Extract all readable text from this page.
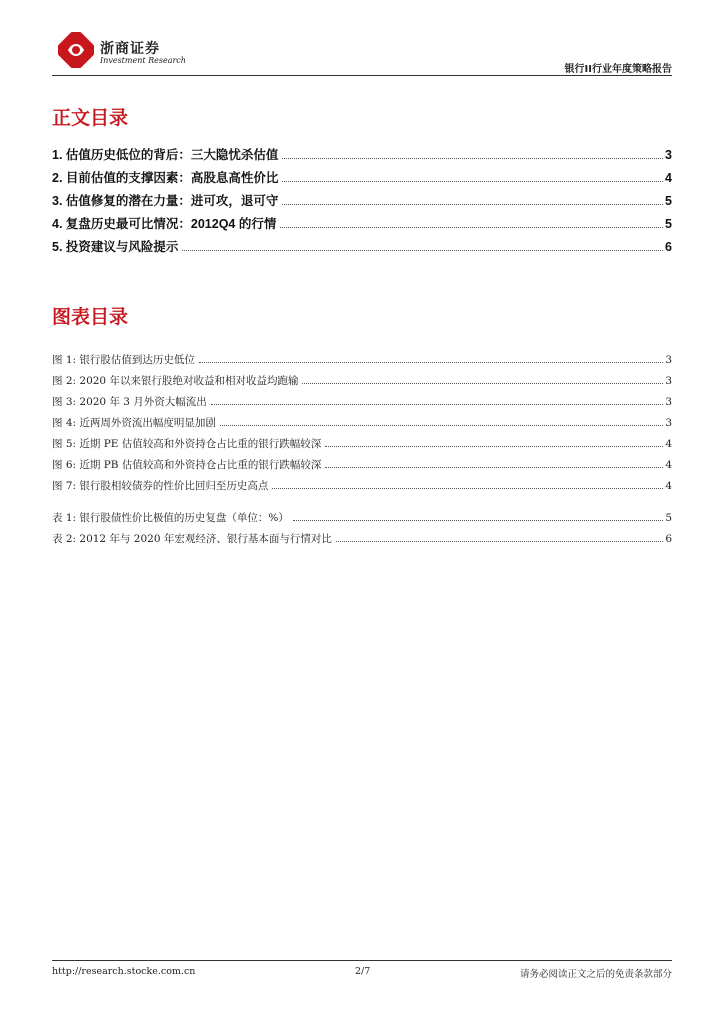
浙商证券
Investment Research
银行II行业年度策略报告
正文目录
1. 估值历史低位的背后：三大隐忧杀估值	3
2. 目前估值的支撑因素：高股息高性价比	4
3. 估值修复的潜在力量：进可攻，退可守	5
4. 复盘历史最可比情况：2012Q4 的行情	5
5. 投资建议与风险提示	6
图表目录
图 1: 银行股估值到达历史低位	3
图 2: 2020 年以来银行股绝对收益和相对收益均跑输	3
图 3: 2020 年 3 月外资大幅流出	3
图 4: 近两周外资流出幅度明显加剧	3
图 5: 近期 PE 估值较高和外资持仓占比重的银行跌幅较深	4
图 6: 近期 PB 估值较高和外资持仓占比重的银行跌幅较深	4
图 7: 银行股相较债券的性价比回归至历史高点	4
表 1: 银行股债性价比极值的历史复盘（单位：%）	5
表 2: 2012 年与 2020 年宏观经济、银行基本面与行情对比	6
http://research.stocke.com.cn	2/7	请务必阅读正文之后的免责条款部分
